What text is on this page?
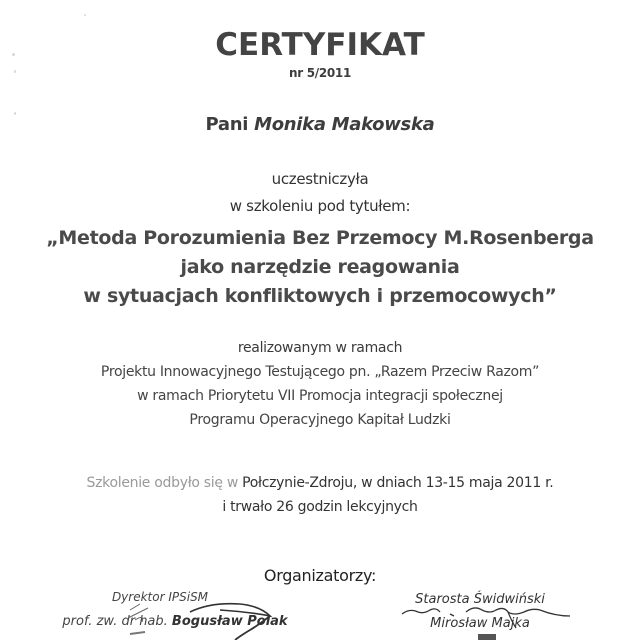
CERTYFIKAT
nr 5/2011
Pani Monika Makowska
uczestniczyła
w szkoleniu pod tytułem:
„Metoda Porozumienia Bez Przemocy M.Rosenberga
jako narzędzie reagowania
w sytuacjach konfliktowych i przemocowych”
realizowanym w ramach
Projektu Innowacyjnego Testującego pn. „Razem Przeciw Razom”
w ramach Priorytetu VII Promocja integracji społecznej
Programu Operacyjnego Kapitał Ludzki
Szkolenie odbyło się w Połczynie-Zdroju, w dniach 13-15 maja 2011 r.
i trwało 26 godzin lekcyjnych
Organizatorzy:
Dyrektor IPSiSM
prof. zw. dr hab. Bogusław Polak
Starosta Świdwiński
Mirosław Majka
